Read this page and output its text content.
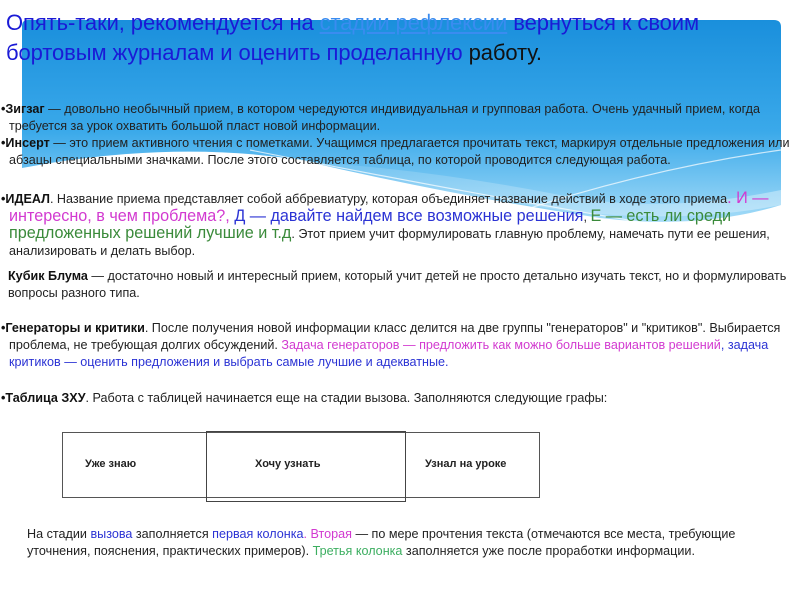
Опять-таки, рекомендуется на стадии рефлексии вернуться к своим бортовым журналам и оценить проделанную работу.

•Зигзаг — довольно необычный прием, в котором чередуются индивидуальная и групповая работа. Очень удачный прием, когда требуется за урок охватить большой пласт новой информации.

•Инсерт — это прием активного чтения с пометками. Учащимся предлагается прочитать текст, маркируя отдельные предложения или абзацы специальными значками. После этого составляется таблица, по которой проводится следующая работа.

•ИДЕАЛ. Название приема представляет собой аббревиатуру, которая объединяет название действий в ходе этого приема. И — интересно, в чем проблема?, Д — давайте найдем все возможные решения, Е — есть ли среди предложенных решений лучшие и т.д. Этот прием учит формулировать главную проблему, намечать пути ее решения, анализировать и делать выбор.

Кубик Блума — достаточно новый и интересный прием, который учит детей не просто детально изучать текст, но и формулировать вопросы разного типа.

•Генераторы и критики. После получения новой информации класс делится на две группы "генераторов" и "критиков". Выбирается проблема, не требующая долгих обсуждений. Задача генераторов — предложить как можно больше вариантов решений, задача критиков — оценить предложения и выбрать самые лучшие и адекватные.

•Таблица ЗХУ. Работа с таблицей начинается еще на стадии вызова. Заполняются следующие графы:

Уже знаю	Хочу узнать	Узнал на уроке

На стадии вызова заполняется первая колонка. Вторая — по мере прочтения текста (отмечаются все места, требующие уточнения, пояснения, практических примеров). Третья колонка заполняется уже после проработки информации.
